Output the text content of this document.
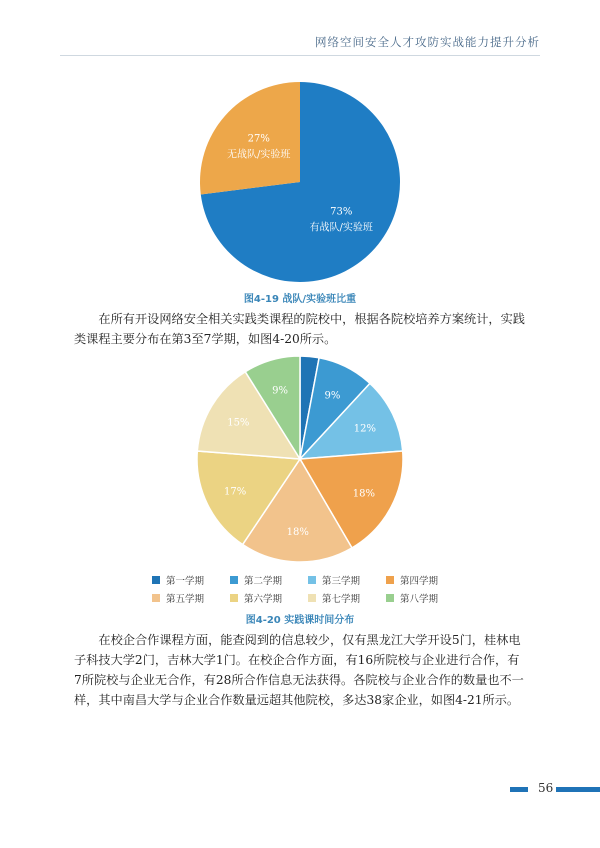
网络空间安全人才攻防实战能力提升分析
73%
有战队/实验班
27%
无战队/实验班
图4-19 战队/实验班比重

在所有开设网络安全相关实践类课程的院校中，根据各院校培养方案统计，实践类课程主要分布在第3至7学期，如图4-20所示。

9%
12%
18%
18%
17%
15%
9%
第一学期	第二学期	第三学期	第四学期
第五学期	第六学期	第七学期	第八学期
图4-20 实践课时间分布

在校企合作课程方面，能查阅到的信息较少，仅有黑龙江大学开设5门，桂林电子科技大学2门，吉林大学1门。在校企合作方面，有16所院校与企业进行合作，有7所院校与企业无合作，有28所合作信息无法获得。各院校与企业合作的数量也不一样，其中南昌大学与企业合作数量远超其他院校，多达38家企业，如图4-21所示。

56
